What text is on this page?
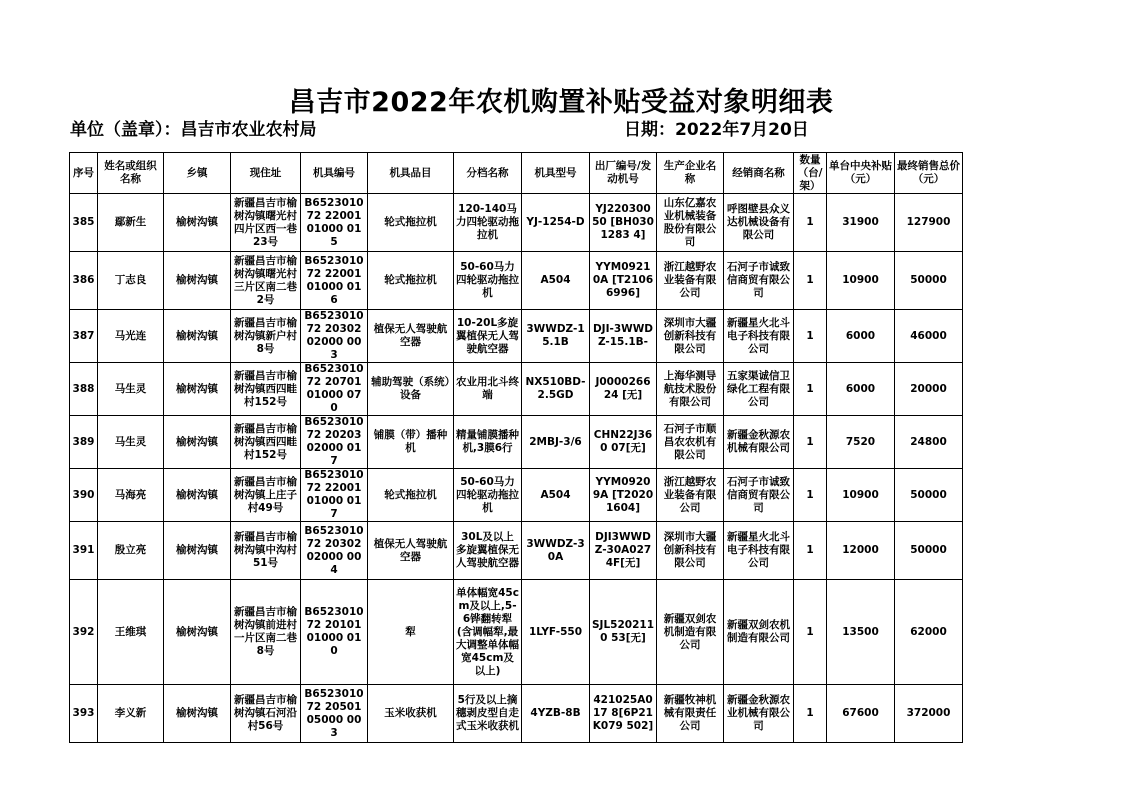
昌吉市2022年农机购置补贴受益对象明细表
单位（盖章）：昌吉市农业农村局	日期：2022年7月20日
序号	姓名或组织名称	乡镇	现住址	机具编号	机具品目	分档名称	机具型号	出厂编号/发动机号	生产企业名称	经销商名称	数量（台/架）	单台中央补贴（元）	最终销售总价（元）
385	鄢新生	榆树沟镇	新疆昌吉市榆树沟镇曙光村四片区西一巷23号	B652301072 2200101000 015	轮式拖拉机	120-140马力四轮驱动拖拉机	YJ-1254-D	YJ22030050 [BH0301283 4]	山东亿嘉农业机械装备股份有限公司	呼图壁县众义达机械设备有限公司	1	31900	127900
386	丁志良	榆树沟镇	新疆昌吉市榆树沟镇曙光村三片区南二巷2号	B652301072 2200101000 016	轮式拖拉机	50-60马力四轮驱动拖拉机	A504	YYM09210A [T21066996]	浙江越野农业装备有限公司	石河子市诚致信商贸有限公司	1	10900	50000
387	马光连	榆树沟镇	新疆昌吉市榆树沟镇新户村8号	B652301072 2030202000 003	植保无人驾驶航空器	10-20L多旋翼植保无人驾驶航空器	3WWDZ-15.1B	DJI-3WWDZ-15.1B-	深圳市大疆创新科技有限公司	新疆星火北斗电子科技有限公司	1	6000	46000
388	马生灵	榆树沟镇	新疆昌吉市榆树沟镇西四畦村152号	B652301072 2070101000 070	辅助驾驶（系统）设备	农业用北斗终端	NX510BD-2.5GD	J000026624 [无]	上海华测导航技术股份有限公司	五家渠诚信卫绿化工程有限公司	1	6000	20000
389	马生灵	榆树沟镇	新疆昌吉市榆树沟镇西四畦村152号	B652301072 2020302000 017	铺膜（带）播种机	精量铺膜播种机,3膜6行	2MBJ-3/6	CHN22J360 07[无]	石河子市顺昌农农机有限公司	新疆金秋源农机械有限公司	1	7520	24800
390	马海亮	榆树沟镇	新疆昌吉市榆树沟镇上庄子村49号	B652301072 2200101000 017	轮式拖拉机	50-60马力四轮驱动拖拉机	A504	YYM09209A [T20201604]	浙江越野农业装备有限公司	石河子市诚致信商贸有限公司	1	10900	50000
391	殷立亮	榆树沟镇	新疆昌吉市榆树沟镇中沟村51号	B652301072 2030202000 004	植保无人驾驶航空器	30L及以上多旋翼植保无人驾驶航空器	3WWDZ-30A	DJI3WWDZ-30A0274F[无]	深圳市大疆创新科技有限公司	新疆星火北斗电子科技有限公司	1	12000	50000
392	王维琪	榆树沟镇	新疆昌吉市榆树沟镇前进村一片区南二巷8号	B652301072 2010101000 010	犁	单体幅宽45cm及以上,5-6铧翻转犁(含调幅犁,最大调整单体幅宽45cm及以上)	1LYF-550	SJL5202110 53[无]	新疆双剑农机制造有限公司	新疆双剑农机制造有限公司	1	13500	62000
393	李义新	榆树沟镇	新疆昌吉市榆树沟镇石河沿村56号	B652301072 2050105000 003	玉米收获机	5行及以上摘穗剥皮型自走式玉米收获机	4YZB-8B	421025A017 8[6P21K079 502]	新疆牧神机械有限责任公司	新疆金秋源农业机械有限公司	1	67600	372000
